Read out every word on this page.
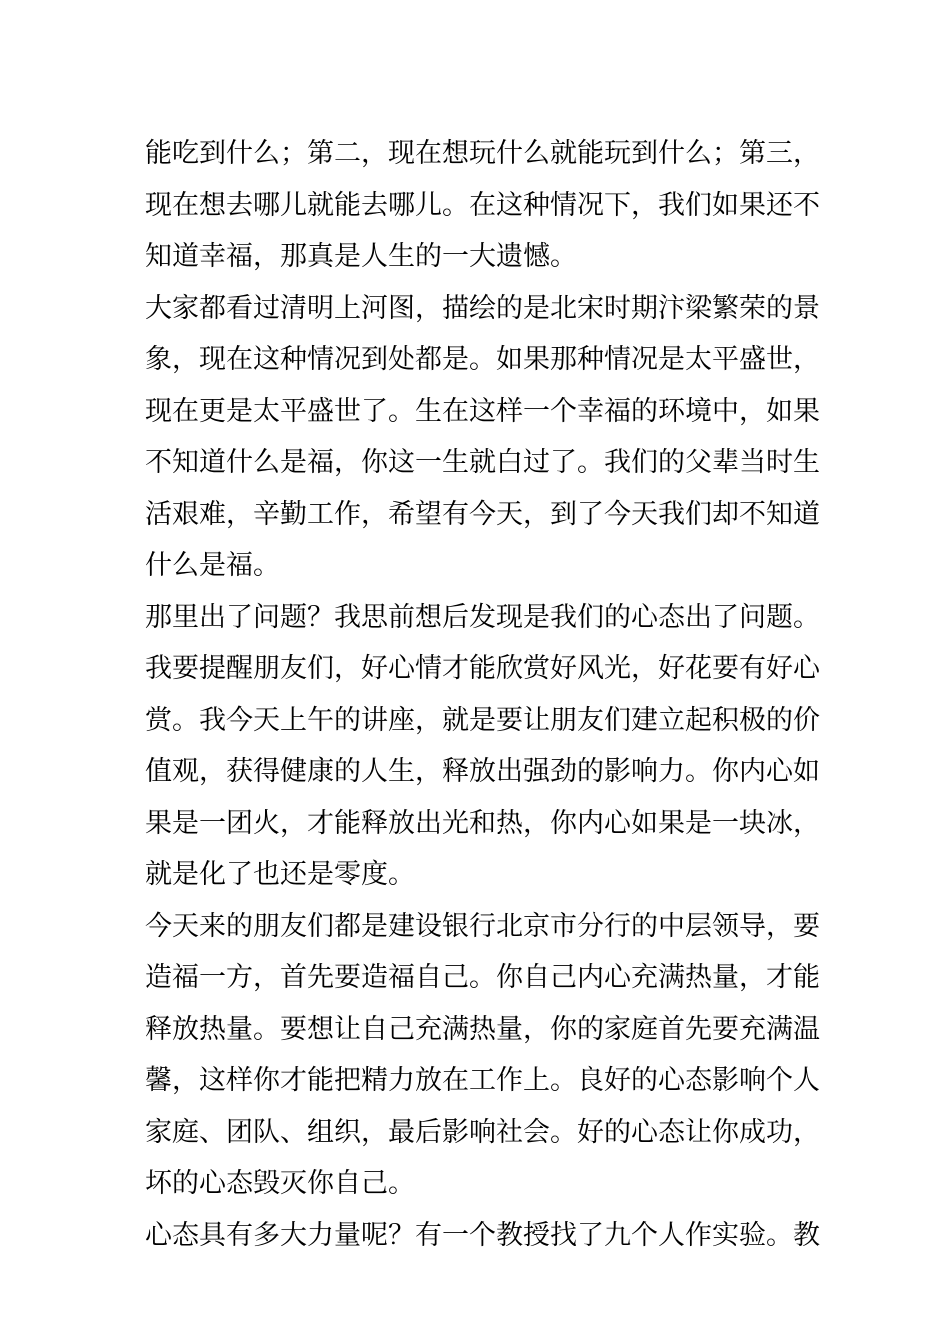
能吃到什么；第二，现在想玩什么就能玩到什么；第三，
现在想去哪儿就能去哪儿。在这种情况下，我们如果还不
知道幸福，那真是人生的一大遗憾。
大家都看过清明上河图，描绘的是北宋时期汴梁繁荣的景
象，现在这种情况到处都是。如果那种情况是太平盛世，
现在更是太平盛世了。生在这样一个幸福的环境中，如果
不知道什么是福，你这一生就白过了。我们的父辈当时生
活艰难，辛勤工作，希望有今天，到了今天我们却不知道
什么是福。
那里出了问题？我思前想后发现是我们的心态出了问题。
我要提醒朋友们，好心情才能欣赏好风光，好花要有好心
赏。我今天上午的讲座，就是要让朋友们建立起积极的价
值观，获得健康的人生，释放出强劲的影响力。你内心如
果是一团火，才能释放出光和热，你内心如果是一块冰，
就是化了也还是零度。
今天来的朋友们都是建设银行北京市分行的中层领导，要
造福一方，首先要造福自己。你自己内心充满热量，才能
释放热量。要想让自己充满热量，你的家庭首先要充满温
馨，这样你才能把精力放在工作上。良好的心态影响个人
家庭、团队、组织，最后影响社会。好的心态让你成功，
坏的心态毁灭你自己。
心态具有多大力量呢？有一个教授找了九个人作实验。教
